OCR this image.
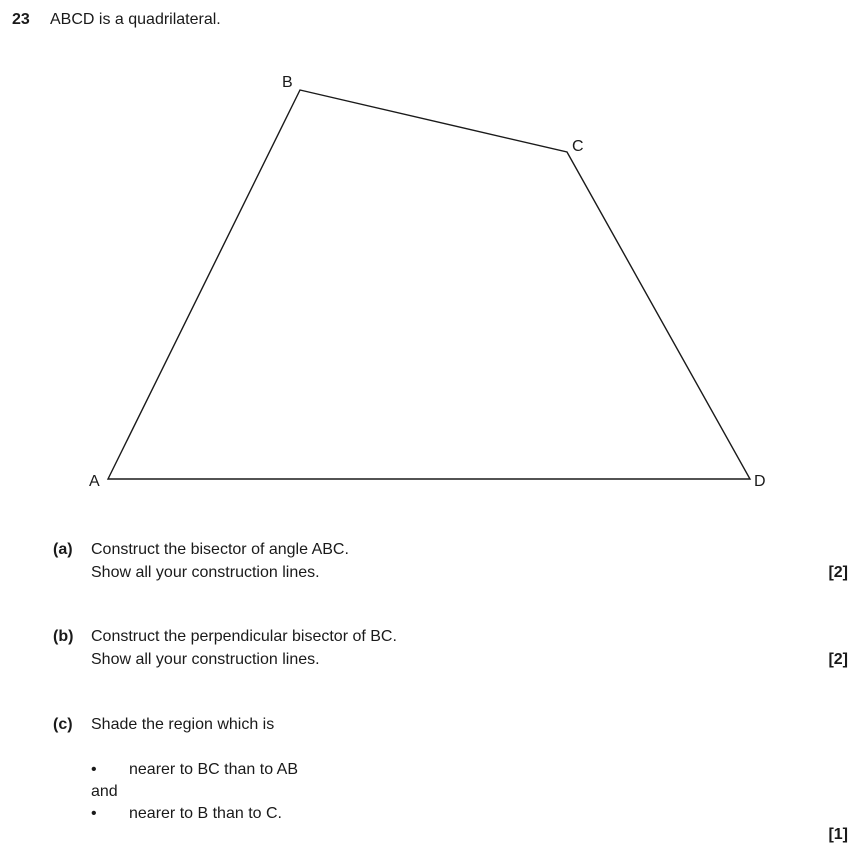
23 ABCD is a quadrilateral.
B
C
A	D
(a) Construct the bisector of angle ABC.
Show all your construction lines.	[2]
(b) Construct the perpendicular bisector of BC.
Show all your construction lines.	[2]
(c) Shade the region which is
• nearer to BC than to AB
and
• nearer to B than to C.
[1]
